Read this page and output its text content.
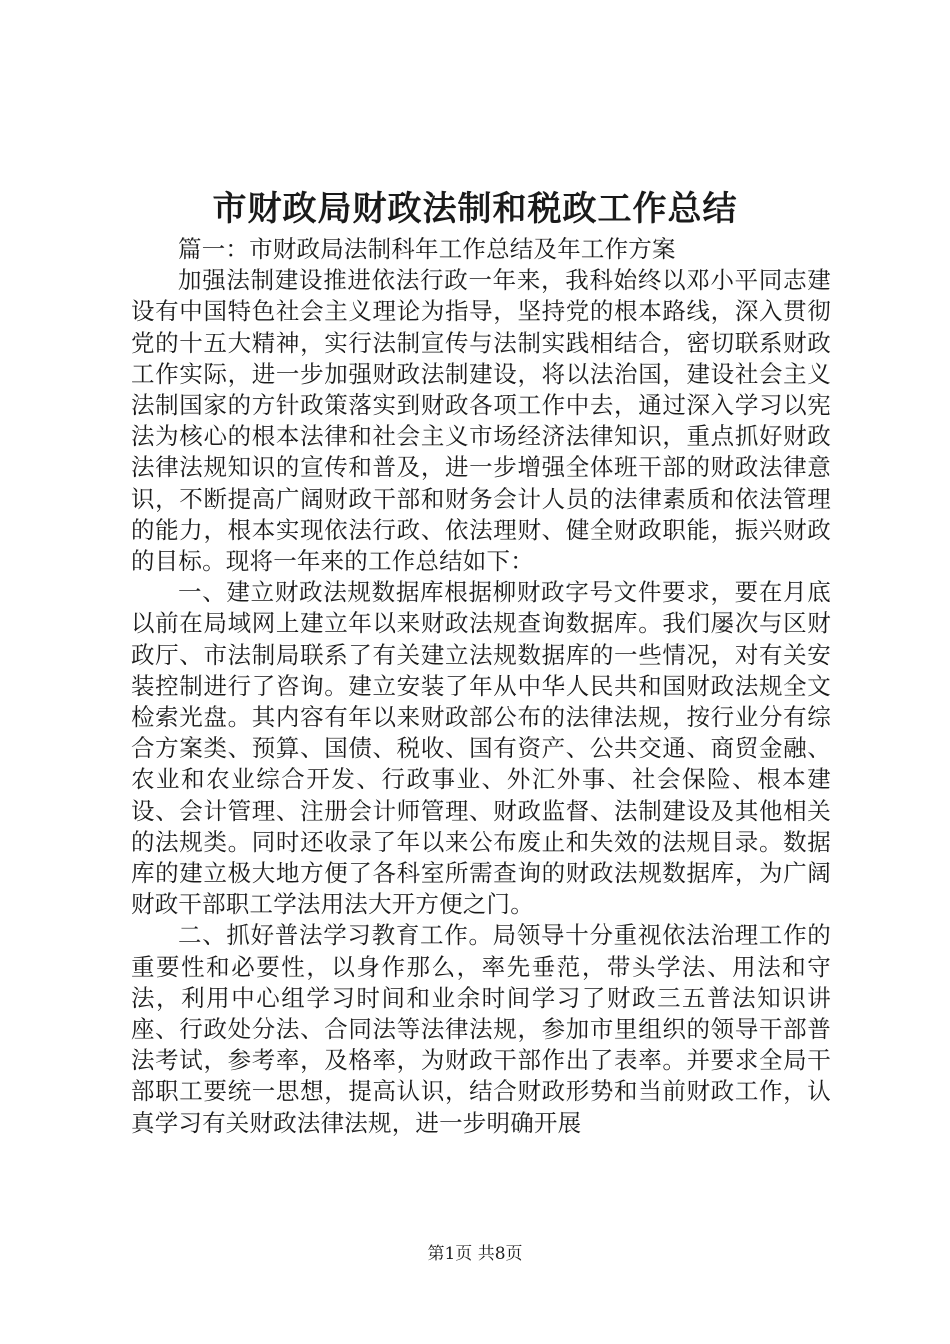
市财政局财政法制和税政工作总结

篇一：市财政局法制科年工作总结及年工作方案

加强法制建设推进依法行政一年来，我科始终以邓小平同志建设有中国特色社会主义理论为指导，坚持党的根本路线，深入贯彻党的十五大精神，实行法制宣传与法制实践相结合，密切联系财政工作实际，进一步加强财政法制建设，将以法治国，建设社会主义法制国家的方针政策落实到财政各项工作中去，通过深入学习以宪法为核心的根本法律和社会主义市场经济法律知识，重点抓好财政法律法规知识的宣传和普及，进一步增强全体班干部的财政法律意识，不断提高广阔财政干部和财务会计人员的法律素质和依法管理的能力，根本实现依法行政、依法理财、健全财政职能，振兴财政的目标。现将一年来的工作总结如下：

一、建立财政法规数据库根据柳财政字号文件要求，要在月底以前在局域网上建立年以来财政法规查询数据库。我们屡次与区财政厅、市法制局联系了有关建立法规数据库的一些情况，对有关安装控制进行了咨询。建立安装了年从中华人民共和国财政法规全文检索光盘。其内容有年以来财政部公布的法律法规，按行业分有综合方案类、预算、国债、税收、国有资产、公共交通、商贸金融、农业和农业综合开发、行政事业、外汇外事、社会保险、根本建设、会计管理、注册会计师管理、财政监督、法制建设及其他相关的法规类。同时还收录了年以来公布废止和失效的法规目录。数据库的建立极大地方便了各科室所需查询的财政法规数据库，为广阔财政干部职工学法用法大开方便之门。

二、抓好普法学习教育工作。局领导十分重视依法治理工作的重要性和必要性，以身作那么，率先垂范，带头学法、用法和守法，利用中心组学习时间和业余时间学习了财政三五普法知识讲座、行政处分法、合同法等法律法规，参加市里组织的领导干部普法考试，参考率，及格率，为财政干部作出了表率。并要求全局干部职工要统一思想，提高认识，结合财政形势和当前财政工作，认真学习有关财政法律法规，进一步明确开展

第1页 共8页
